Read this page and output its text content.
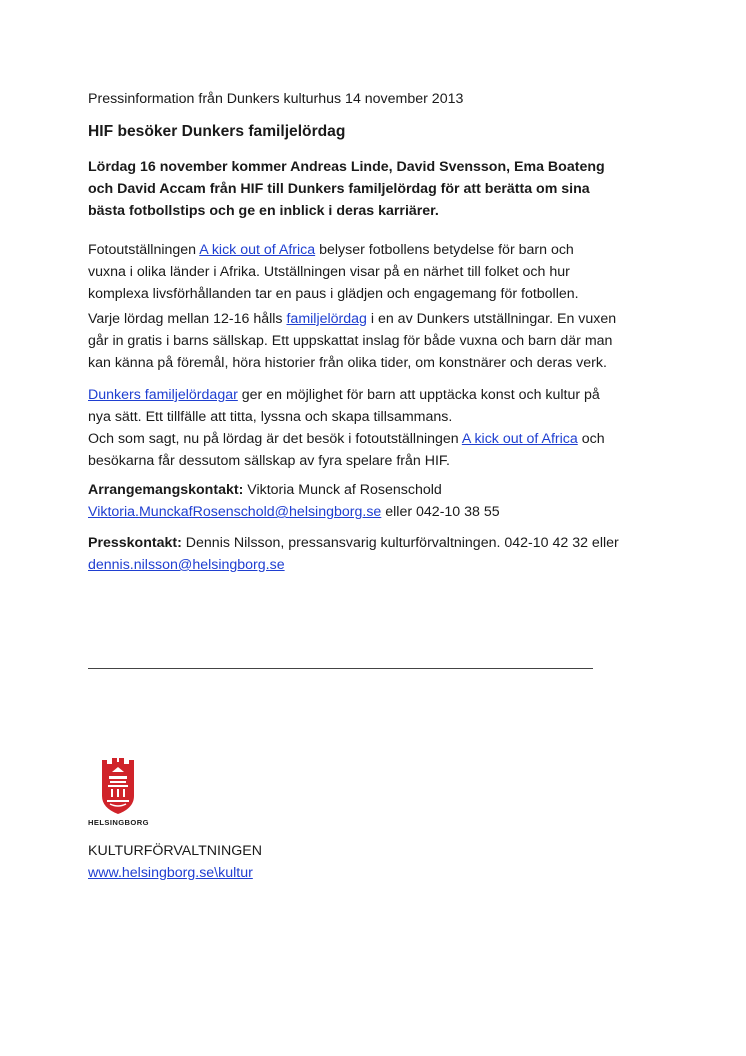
Pressinformation från Dunkers kulturhus 14 november 2013

HIF besöker Dunkers familjelördag

Lördag 16 november kommer Andreas Linde, David Svensson, Ema Boateng

och David Accam från HIF till Dunkers familjelördag för att berätta om sina

bästa fotbollstips och ge en inblick i deras karriärer.

Fotoutställningen A kick out of Africa belyser fotbollens betydelse för barn och

vuxna i olika länder i Afrika. Utställningen visar på en närhet till folket och hur

komplexa livsförhållanden tar en paus i glädjen och engagemang för fotbollen.

Varje lördag mellan 12-16 hålls familjelördag i en av Dunkers utställningar. En vuxen

går in gratis i barns sällskap. Ett uppskattat inslag för både vuxna och barn där man

kan känna på föremål, höra historier från olika tider, om konstnärer och deras verk.

Dunkers familjelördagar ger en möjlighet för barn att upptäcka konst och kultur på

nya sätt. Ett tillfälle att titta, lyssna och skapa tillsammans.

Och som sagt, nu på lördag är det besök i fotoutställningen A kick out of Africa och

besökarna får dessutom sällskap av fyra spelare från HIF.

Arrangemangskontakt: Viktoria Munck af Rosenschold

Viktoria.MunckafRosenschold@helsingborg.se eller 042-10 38 55

Presskontakt: Dennis Nilsson, pressansvarig kulturförvaltningen. 042-10 42 32 eller

dennis.nilsson@helsingborg.se

HELSINGBORG

KULTURFÖRVALTNINGEN

www.helsingborg.se\kultur
